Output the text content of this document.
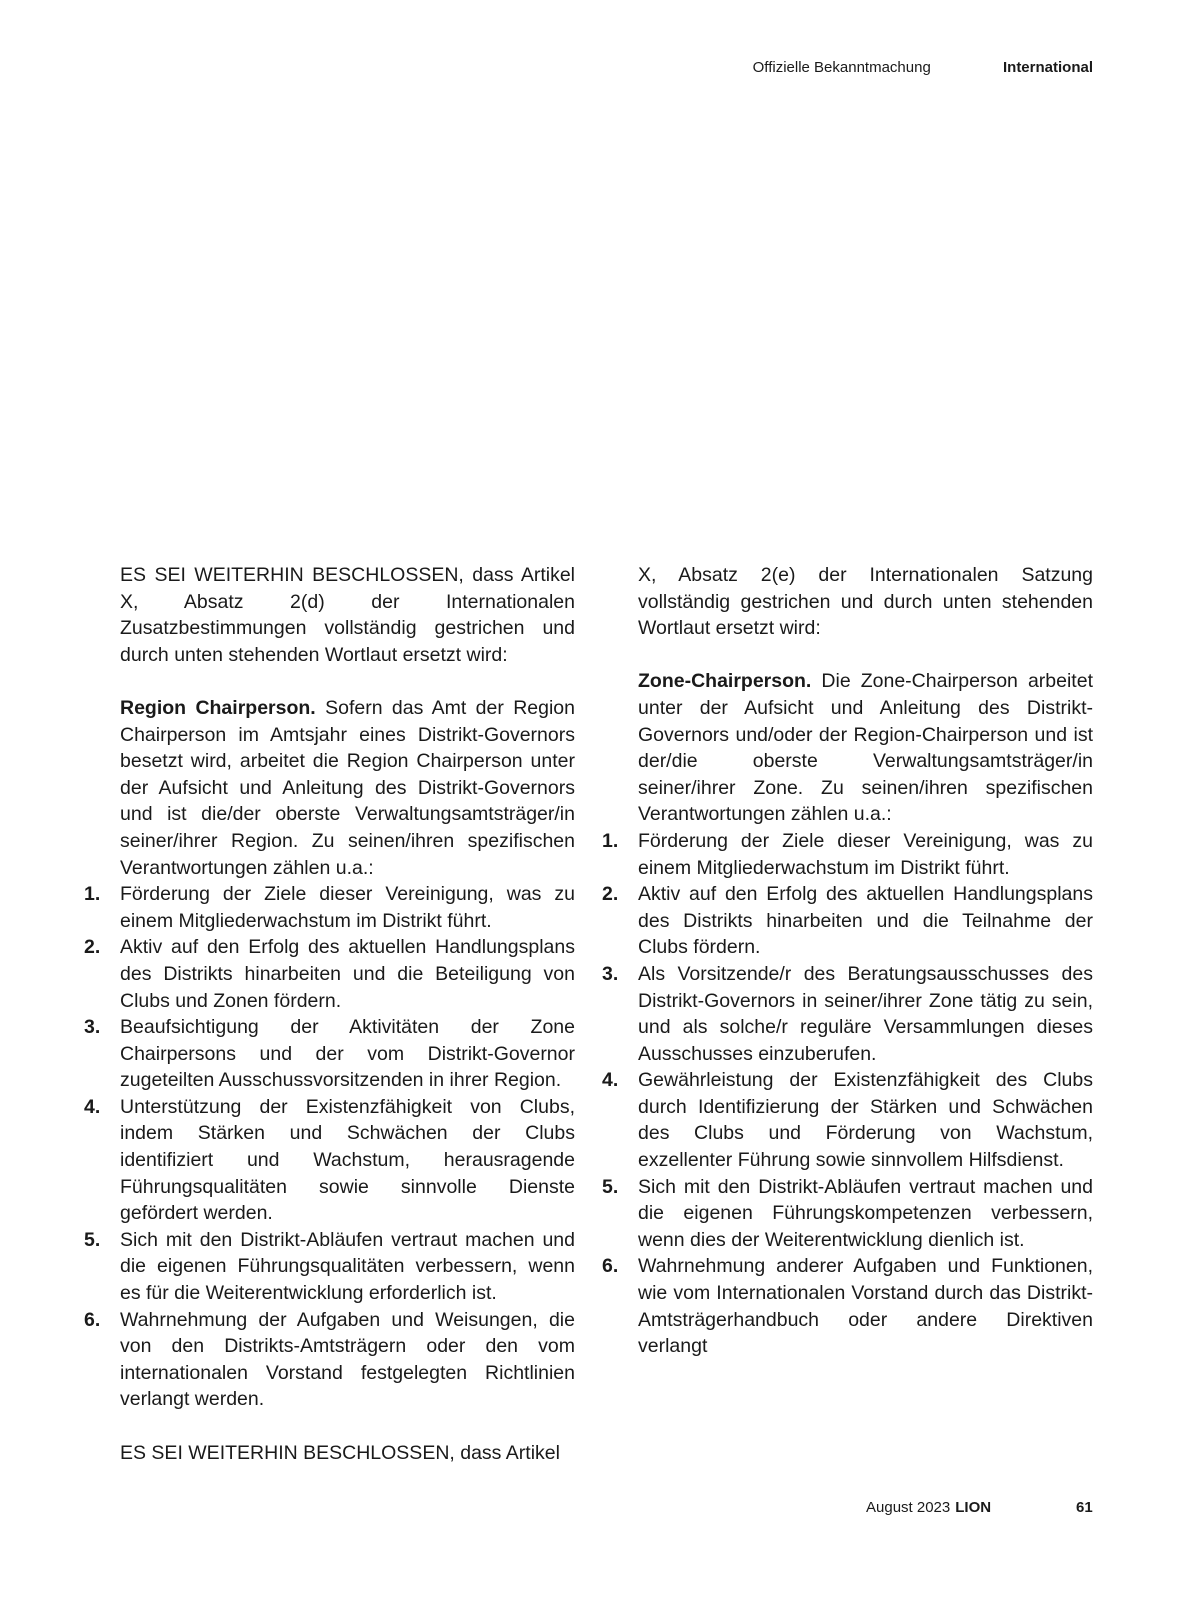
Offizielle Bekanntmachung	International

ES SEI WEITERHIN BESCHLOSSEN, dass Artikel X, Absatz 2(d) der Internationalen Zusatzbestimmungen vollständig gestrichen und durch unten stehenden Wortlaut ersetzt wird:

Region Chairperson. Sofern das Amt der Region Chairperson im Amtsjahr eines Distrikt-Governors besetzt wird, arbeitet die Region Chairperson unter der Aufsicht und Anleitung des Distrikt-Governors und ist die/der oberste Verwaltungsamtsträger/in seiner/ihrer Region. Zu seinen/ihren spezifischen Verantwortungen zählen u.a.:

1. Förderung der Ziele dieser Vereinigung, was zu einem Mitgliederwachstum im Distrikt führt.
2. Aktiv auf den Erfolg des aktuellen Handlungsplans des Distrikts hinarbeiten und die Beteiligung von Clubs und Zonen fördern.
3. Beaufsichtigung der Aktivitäten der Zone Chairpersons und der vom Distrikt-Governor zugeteilten Ausschussvorsitzenden in ihrer Region.
4. Unterstützung der Existenzfähigkeit von Clubs, indem Stärken und Schwächen der Clubs identifiziert und Wachstum, herausragende Führungsqualitäten sowie sinnvolle Dienste gefördert werden.
5. Sich mit den Distrikt-Abläufen vertraut machen und die eigenen Führungsqualitäten verbessern, wenn es für die Weiterentwicklung erforderlich ist.
6. Wahrnehmung der Aufgaben und Weisungen, die von den Distrikts-Amtsträgern oder den vom internationalen Vorstand festgelegten Richtlinien verlangt werden.

ES SEI WEITERHIN BESCHLOSSEN, dass Artikel

X, Absatz 2(e) der Internationalen Satzung vollständig gestrichen und durch unten stehenden Wortlaut ersetzt wird:

Zone-Chairperson. Die Zone-Chairperson arbeitet unter der Aufsicht und Anleitung des Distrikt-Governors und/oder der Region-Chairperson und ist der/die oberste Verwaltungsamtsträger/in seiner/ihrer Zone. Zu seinen/ihren spezifischen Verantwortungen zählen u.a.:

1. Förderung der Ziele dieser Vereinigung, was zu einem Mitgliederwachstum im Distrikt führt.
2. Aktiv auf den Erfolg des aktuellen Handlungsplans des Distrikts hinarbeiten und die Teilnahme der Clubs fördern.
3. Als Vorsitzende/r des Beratungsausschusses des Distrikt-Governors in seiner/ihrer Zone tätig zu sein, und als solche/r reguläre Versammlungen dieses Ausschusses einzuberufen.
4. Gewährleistung der Existenzfähigkeit des Clubs durch Identifizierung der Stärken und Schwächen des Clubs und Förderung von Wachstum, exzellenter Führung sowie sinnvollem Hilfsdienst.
5. Sich mit den Distrikt-Abläufen vertraut machen und die eigenen Führungskompetenzen verbessern, wenn dies der Weiterentwicklung dienlich ist.
6. Wahrnehmung anderer Aufgaben und Funktionen, wie vom Internationalen Vorstand durch das Distrikt-Amtsträgerhandbuch oder andere Direktiven verlangt
August 2023 LION	61
